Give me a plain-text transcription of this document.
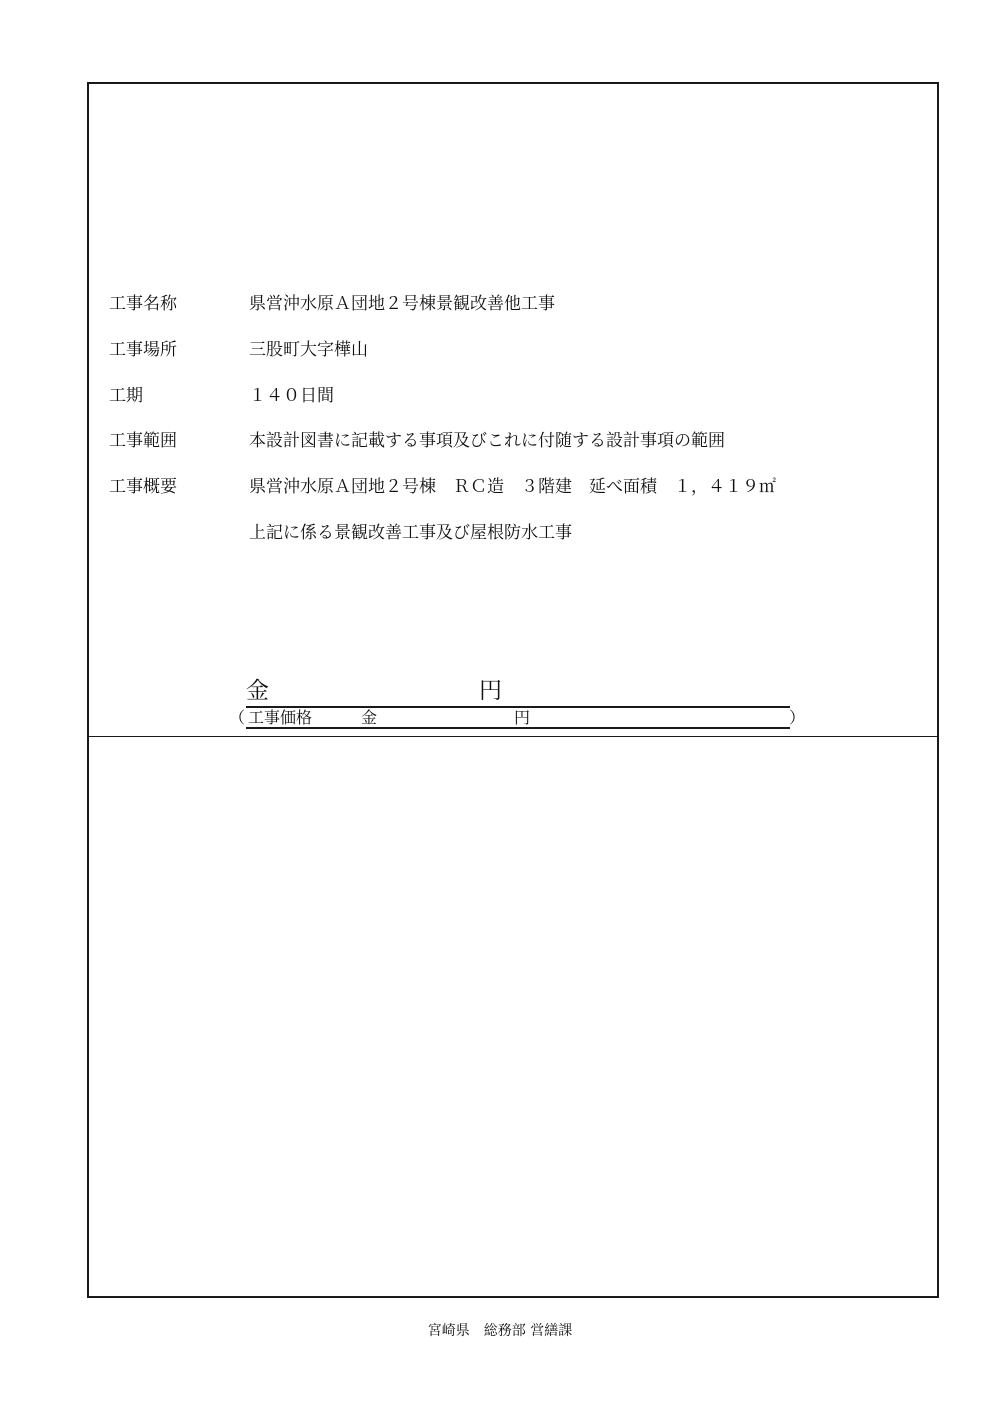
工事名称

	県営沖水原Ａ団地２号棟景観改善他工事

工事場所

	三股町大字樺山

工期

	１４０日間

工事範囲

	本設計図書に記載する事項及びこれに付随する設計事項の範囲

工事概要

	県営沖水原Ａ団地２号棟　ＲＣ造　３階建　延べ面積　１，４１９㎡

上記に係る景観改善工事及び屋根防水工事
金	円
（ 工事価格	金	円	）
宮崎県　総務部 営繕課
